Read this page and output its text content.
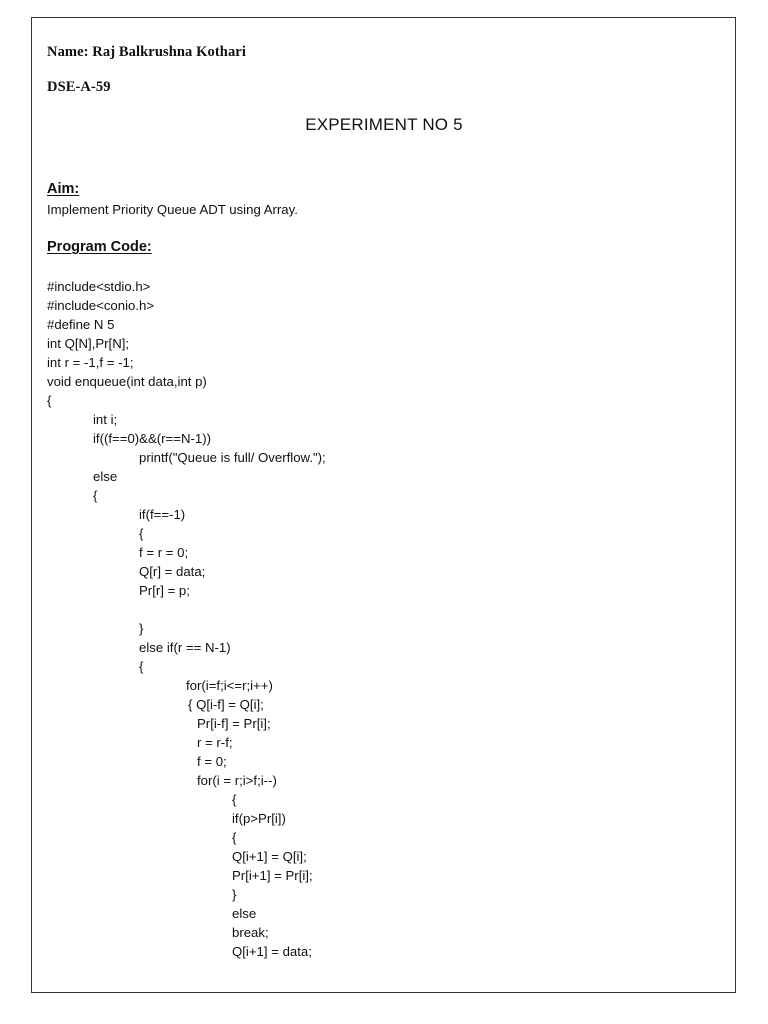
Name: Raj Balkrushna Kothari
DSE-A-59
EXPERIMENT NO 5
Aim:
Implement Priority Queue ADT using Array.
Program Code:
#include<stdio.h>
#include<conio.h>
#define N 5
int Q[N],Pr[N];
int r = -1,f = -1;
void enqueue(int data,int p)
{
int i;
if((f==0)&&(r==N-1))
printf("Queue is full/ Overflow.");
else
{
if(f==-1)
{
f = r = 0;
Q[r] = data;
Pr[r] = p;
}
else if(r == N-1)
{
for(i=f;i<=r;i++)
{ Q[i-f] = Q[i];
Pr[i-f] = Pr[i];
r = r-f;
f = 0;
for(i = r;i>f;i--)
{
if(p>Pr[i])
{
Q[i+1] = Q[i];
Pr[i+1] = Pr[i];
}
else
break;
Q[i+1] = data;
